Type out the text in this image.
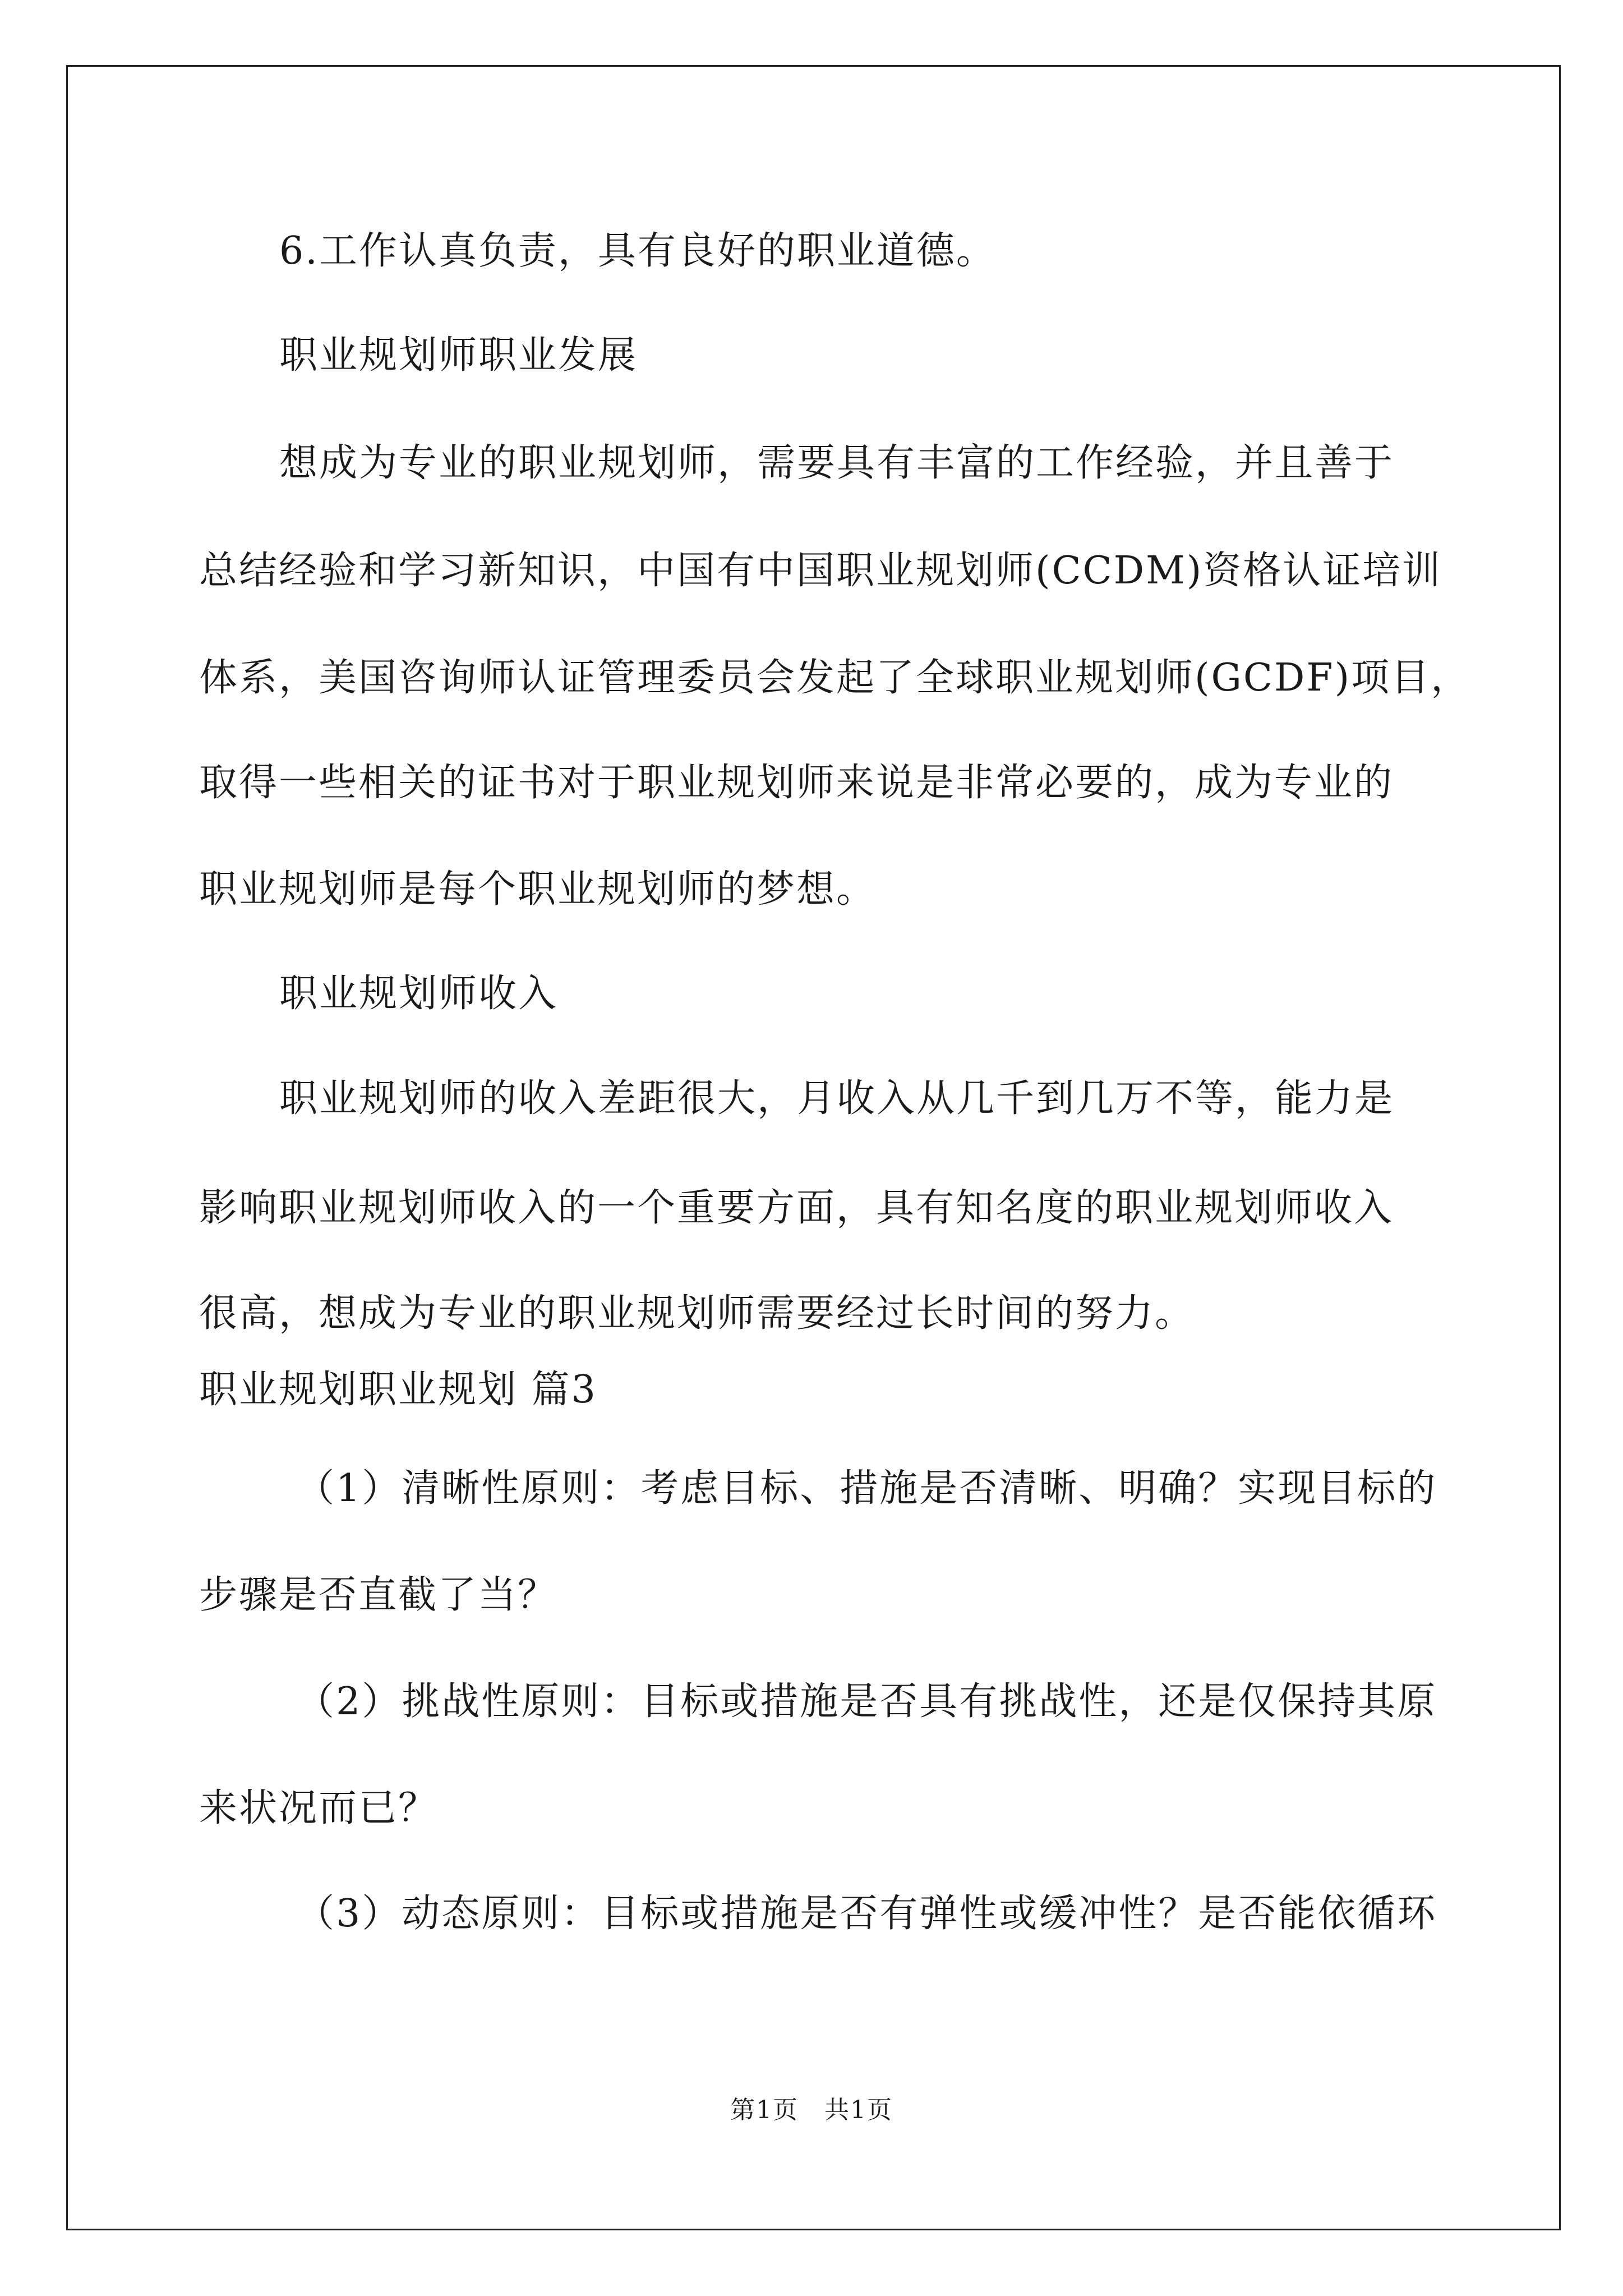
6.工作认真负责，具有良好的职业道德。
职业规划师职业发展
想成为专业的职业规划师，需要具有丰富的工作经验，并且善于
总结经验和学习新知识，中国有中国职业规划师(CCDM)资格认证培训
体系，美国咨询师认证管理委员会发起了全球职业规划师(GCDF)项目，
取得一些相关的证书对于职业规划师来说是非常必要的，成为专业的
职业规划师是每个职业规划师的梦想。
职业规划师收入
职业规划师的收入差距很大，月收入从几千到几万不等，能力是
影响职业规划师收入的一个重要方面，具有知名度的职业规划师收入
很高，想成为专业的职业规划师需要经过长时间的努力。
职业规划职业规划 篇3
（1）清晰性原则：考虑目标、措施是否清晰、明确？实现目标的
步骤是否直截了当？
（2）挑战性原则：目标或措施是否具有挑战性，还是仅保持其原
来状况而已？
（3）动态原则：目标或措施是否有弹性或缓冲性？是否能依循环
第1页　共1页
